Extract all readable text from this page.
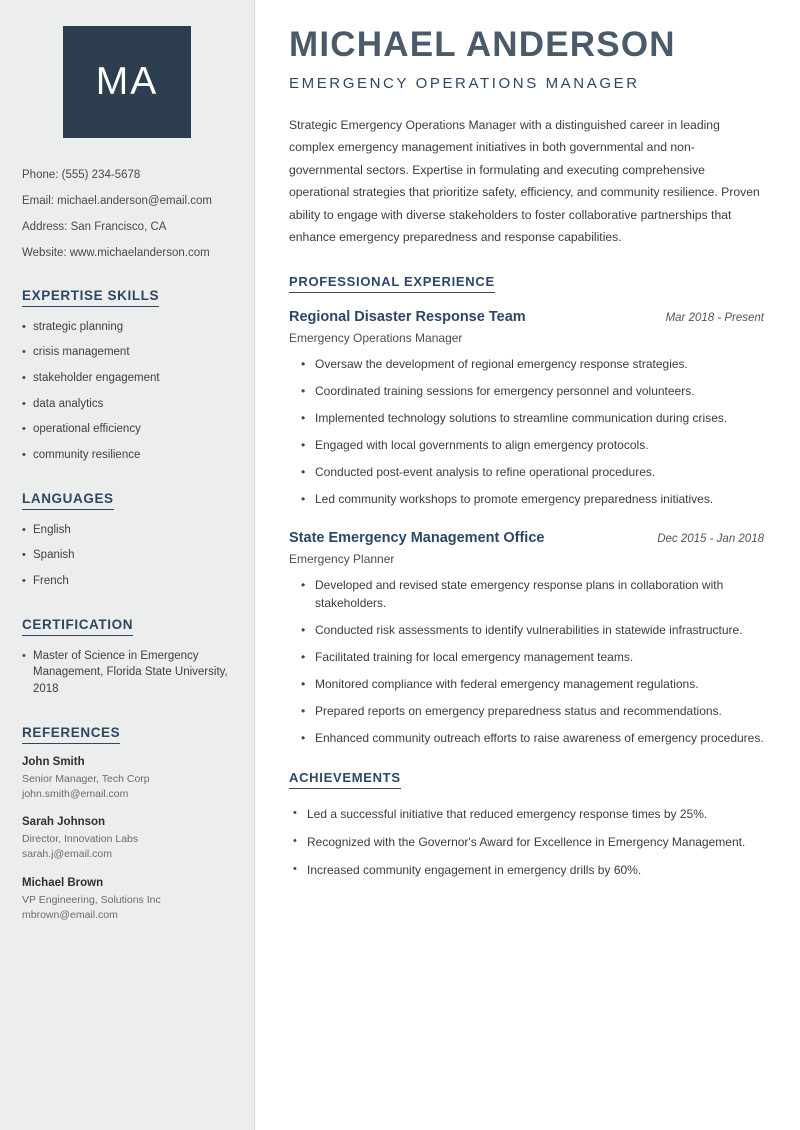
MA
Phone: (555) 234-5678
Email: michael.anderson@email.com
Address: San Francisco, CA
Website: www.michaelanderson.com
EXPERTISE SKILLS
• strategic planning
• crisis management
• stakeholder engagement
• data analytics
• operational efficiency
• community resilience
LANGUAGES
• English
• Spanish
• French
CERTIFICATION
• Master of Science in Emergency Management, Florida State University, 2018
REFERENCES
John Smith
Senior Manager, Tech Corp
john.smith@email.com
Sarah Johnson
Director, Innovation Labs
sarah.j@email.com
Michael Brown
VP Engineering, Solutions Inc
mbrown@email.com
MICHAEL ANDERSON
EMERGENCY OPERATIONS MANAGER
Strategic Emergency Operations Manager with a distinguished career in leading complex emergency management initiatives in both governmental and non-governmental sectors. Expertise in formulating and executing comprehensive operational strategies that prioritize safety, efficiency, and community resilience. Proven ability to engage with diverse stakeholders to foster collaborative partnerships that enhance emergency preparedness and response capabilities.
PROFESSIONAL EXPERIENCE
Regional Disaster Response Team	Mar 2018 - Present
Emergency Operations Manager
• Oversaw the development of regional emergency response strategies.
• Coordinated training sessions for emergency personnel and volunteers.
• Implemented technology solutions to streamline communication during crises.
• Engaged with local governments to align emergency protocols.
• Conducted post-event analysis to refine operational procedures.
• Led community workshops to promote emergency preparedness initiatives.
State Emergency Management Office	Dec 2015 - Jan 2018
Emergency Planner
• Developed and revised state emergency response plans in collaboration with stakeholders.
• Conducted risk assessments to identify vulnerabilities in statewide infrastructure.
• Facilitated training for local emergency management teams.
• Monitored compliance with federal emergency management regulations.
• Prepared reports on emergency preparedness status and recommendations.
• Enhanced community outreach efforts to raise awareness of emergency procedures.
ACHIEVEMENTS
• Led a successful initiative that reduced emergency response times by 25%.
• Recognized with the Governor's Award for Excellence in Emergency Management.
• Increased community engagement in emergency drills by 60%.
